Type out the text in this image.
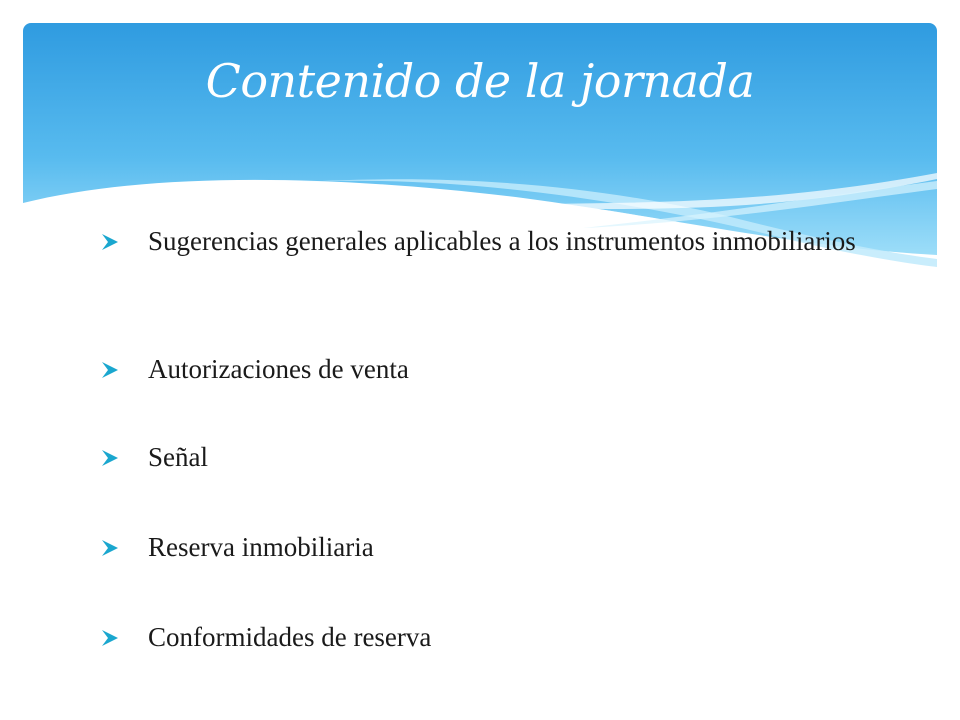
Contenido de la jornada
Sugerencias generales aplicables a los instrumentos inmobiliarios
Autorizaciones de venta
Señal
Reserva inmobiliaria
Conformidades de reserva
